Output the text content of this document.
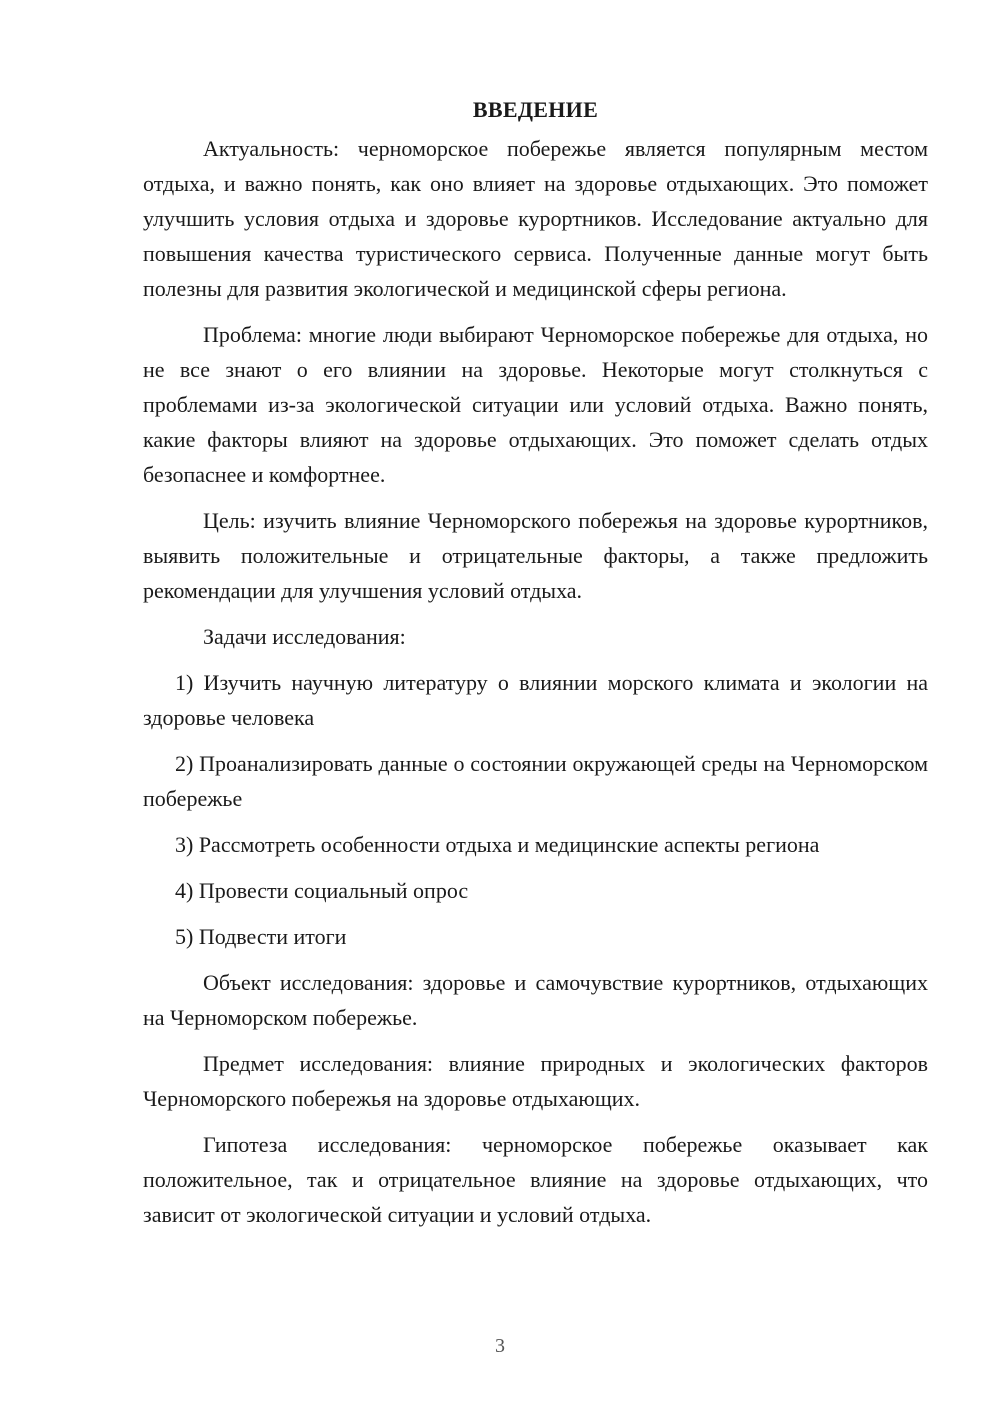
ВВЕДЕНИЕ

Актуальность: черноморское побережье является популярным местом отдыха, и важно понять, как оно влияет на здоровье отдыхающих. Это поможет улучшить условия отдыха и здоровье курортников. Исследование актуально для повышения качества туристического сервиса. Полученные данные могут быть полезны для развития экологической и медицинской сферы региона.

Проблема: многие люди выбирают Черноморское побережье для отдыха, но не все знают о его влиянии на здоровье. Некоторые могут столкнуться с проблемами из-за экологической ситуации или условий отдыха. Важно понять, какие факторы влияют на здоровье отдыхающих. Это поможет сделать отдых безопаснее и комфортнее.

Цель: изучить влияние Черноморского побережья на здоровье курортников, выявить положительные и отрицательные факторы, а также предложить рекомендации для улучшения условий отдыха.

Задачи исследования:

1) Изучить научную литературу о влиянии морского климата и экологии на здоровье человека

2) Проанализировать данные о состоянии окружающей среды на Черноморском побережье

3) Рассмотреть особенности отдыха и медицинские аспекты региона

4) Провести социальный опрос

5) Подвести итоги

Объект исследования: здоровье и самочувствие курортников, отдыхающих на Черноморском побережье.

Предмет исследования: влияние природных и экологических факторов Черноморского побережья на здоровье отдыхающих.

Гипотеза исследования: черноморское побережье оказывает как положительное, так и отрицательное влияние на здоровье отдыхающих, что зависит от экологической ситуации и условий отдыха.

3
